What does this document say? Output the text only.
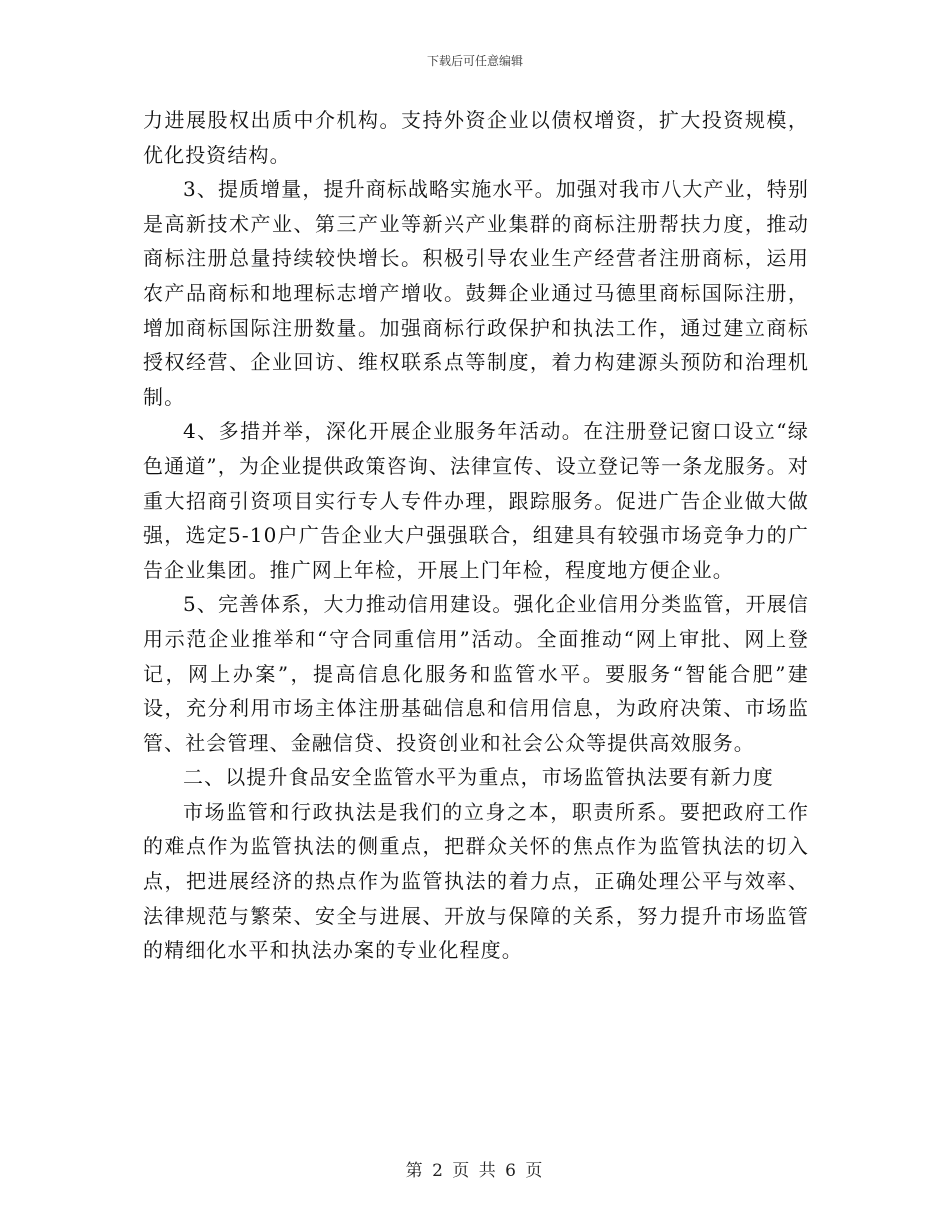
下载后可任意编辑

力进展股权出质中介机构。支持外资企业以债权增资，扩大投资规模，优化投资结构。

3、提质增量，提升商标战略实施水平。加强对我市八大产业，特别是高新技术产业、第三产业等新兴产业集群的商标注册帮扶力度，推动商标注册总量持续较快增长。积极引导农业生产经营者注册商标，运用农产品商标和地理标志增产增收。鼓舞企业通过马德里商标国际注册，增加商标国际注册数量。加强商标行政保护和执法工作，通过建立商标授权经营、企业回访、维权联系点等制度，着力构建源头预防和治理机制。

4、多措并举，深化开展企业服务年活动。在注册登记窗口设立“绿色通道”，为企业提供政策咨询、法律宣传、设立登记等一条龙服务。对重大招商引资项目实行专人专件办理，跟踪服务。促进广告企业做大做强，选定5-10户广告企业大户强强联合，组建具有较强市场竞争力的广告企业集团。推广网上年检，开展上门年检，程度地方便企业。

5、完善体系，大力推动信用建设。强化企业信用分类监管，开展信用示范企业推举和“守合同重信用”活动。全面推动“网上审批、网上登记，网上办案”，提高信息化服务和监管水平。要服务“智能合肥”建设，充分利用市场主体注册基础信息和信用信息，为政府决策、市场监管、社会管理、金融信贷、投资创业和社会公众等提供高效服务。

二、以提升食品安全监管水平为重点，市场监管执法要有新力度

市场监管和行政执法是我们的立身之本，职责所系。要把政府工作的难点作为监管执法的侧重点，把群众关怀的焦点作为监管执法的切入点，把进展经济的热点作为监管执法的着力点，正确处理公平与效率、法律规范与繁荣、安全与进展、开放与保障的关系，努力提升市场监管的精细化水平和执法办案的专业化程度。

第 2 页 共 6 页
